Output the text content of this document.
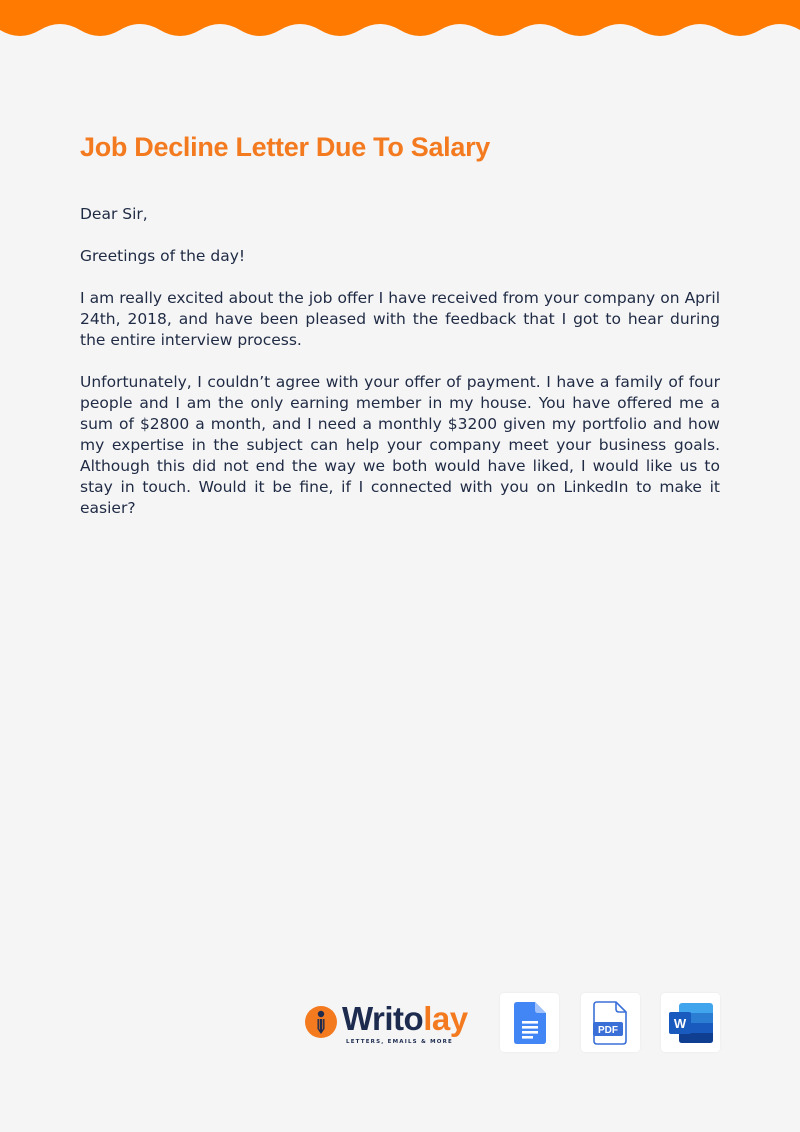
Job Decline Letter Due To Salary

Dear Sir,

Greetings of the day!

I am really excited about the job offer I have received from your company on April 24th, 2018, and have been pleased with the feedback that I got to hear during the entire interview process.

Unfortunately, I couldn’t agree with your offer of payment. I have a family of four people and I am the only earning member in my house. You have offered me a sum of $2800 a month, and I need a monthly $3200 given my portfolio and how my expertise in the subject can help your company meet your business goals. Although this did not end the way we both would have liked, I would like us to stay in touch. Would it be fine, if I connected with you on LinkedIn to make it easier?

Writolay
LETTERS, EMAILS & MORE
PDF	W
